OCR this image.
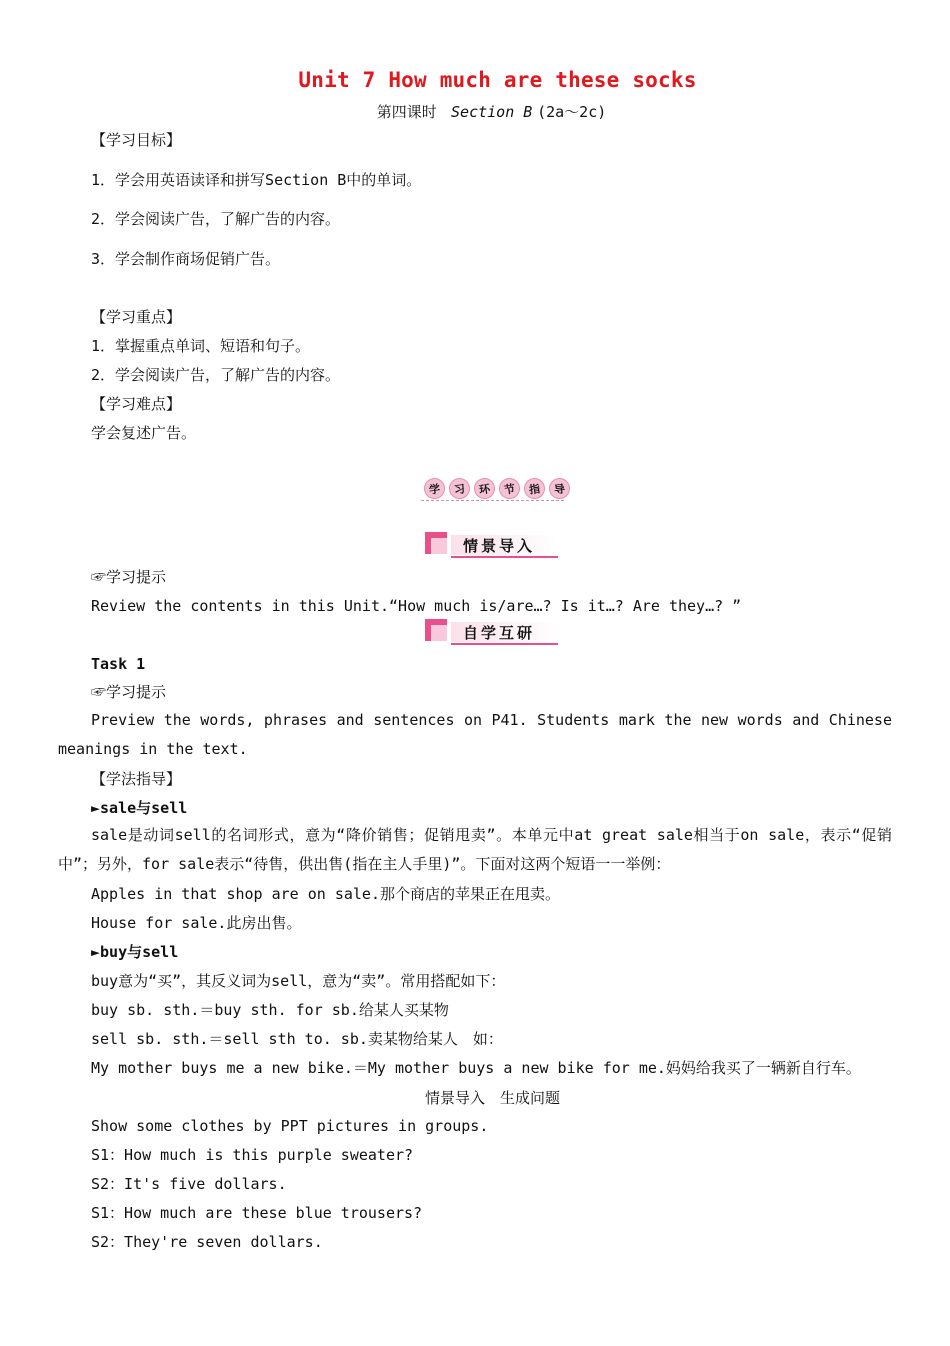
Unit 7 How much are these socks
第四课时 Section B (2a～2c)
【学习目标】
1．学会用英语读译和拼写Section B中的单词。
2．学会阅读广告，了解广告的内容。
3．学会制作商场促销广告。
【学习重点】
1．掌握重点单词、短语和句子。
2．学会阅读广告，了解广告的内容。
【学习难点】
学会复述广告。
学	习	环	节	指	导
情景导入
☞学习提示
Review the contents in this Unit.“How much is/are…? Is it…? Are they…? ”
自学互研
Task 1
☞学习提示
Preview the words, phrases and sentences on P41. Students mark the new words and Chinese meanings in the text.
【学法指导】
►sale与sell
sale是动词sell的名词形式，意为“降价销售；促销甩卖”。本单元中at great sale相当于on sale，表示“促销中”；另外，for sale表示“待售，供出售(指在主人手里)”。下面对这两个短语一一举例：
Apples in that shop are on sale.那个商店的苹果正在甩卖。
House for sale.此房出售。
►buy与sell
buy意为“买”，其反义词为sell，意为“卖”。常用搭配如下：
buy sb. sth.＝buy sth. for sb.给某人买某物
sell sb. sth.＝sell sth to. sb.卖某物给某人　如：
My mother buys me a new bike.＝My mother buys a new bike for me.妈妈给我买了一辆新自行车。
情景导入　生成问题
Show some clothes by PPT pictures in groups.
S1：How much is this purple sweater?
S2：It's five dollars.
S1：How much are these blue trousers?
S2：They're seven dollars.
